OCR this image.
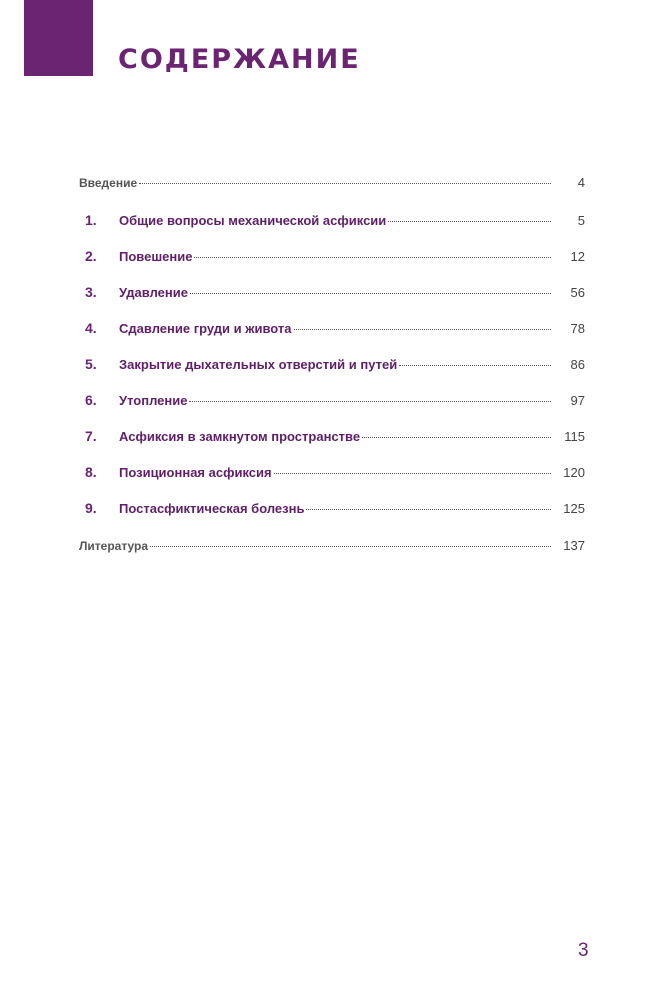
СОДЕРЖАНИЕ
Введение	4
1.	Общие вопросы механической асфиксии	5
2.	Повешение	12
3.	Удавление	56
4.	Сдавление груди и живота	78
5.	Закрытие дыхательных отверстий и путей	86
6.	Утопление	97
7.	Асфиксия в замкнутом пространстве	115
8.	Позиционная асфиксия	120
9.	Постасфиктическая болезнь	125
Литература	137
3
